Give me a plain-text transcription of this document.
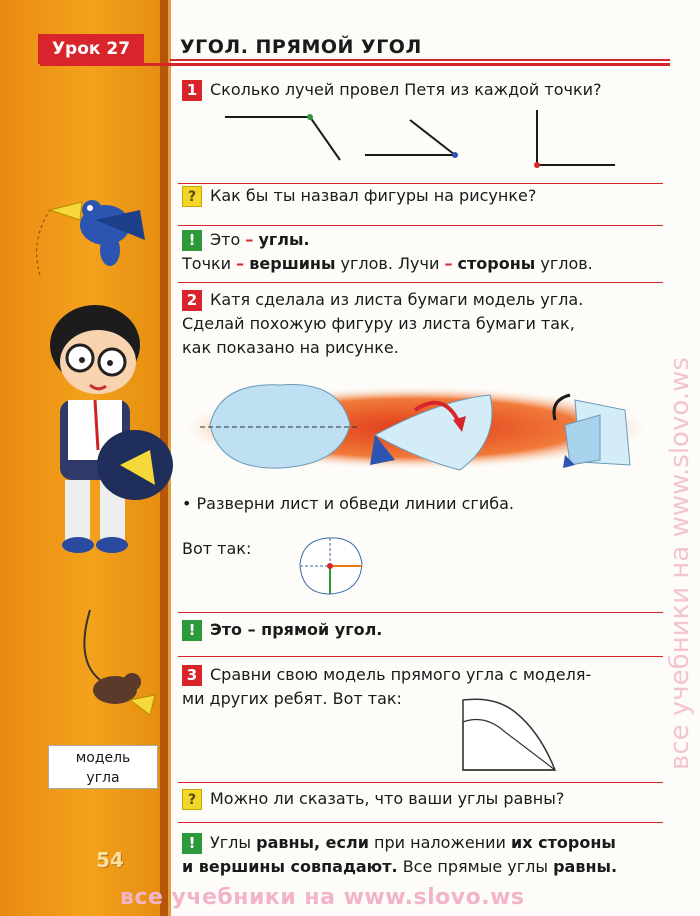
модель
угла
54
Урок 27	УГОЛ. ПРЯМОЙ УГОЛ
1 Сколько лучей провел Петя из каждой точки?
? Как бы ты назвал фигуры на рисунке?
! Это – углы.
Точки – вершины углов. Лучи – стороны углов.
2 Катя сделала из листа бумаги модель угла.
Сделай похожую фигуру из листа бумаги так,
как показано на рисунке.
• Разверни лист и обведи линии сгиба.
Вот так:
! Это – прямой угол.
3 Сравни свою модель прямого угла с моделя-
ми других ребят. Вот так:
? Можно ли сказать, что ваши углы равны?
! Углы равны, если при наложении их стороны
и вершины совпадают. Все прямые углы равны.
все учебники на www.slovo.ws
все учебники на www.slovo.ws
